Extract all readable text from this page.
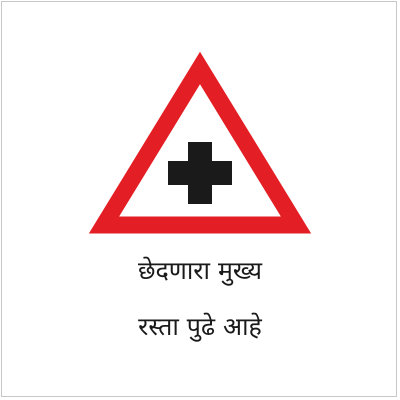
छेदणारा मुख्य
रस्ता पुढे आहे
